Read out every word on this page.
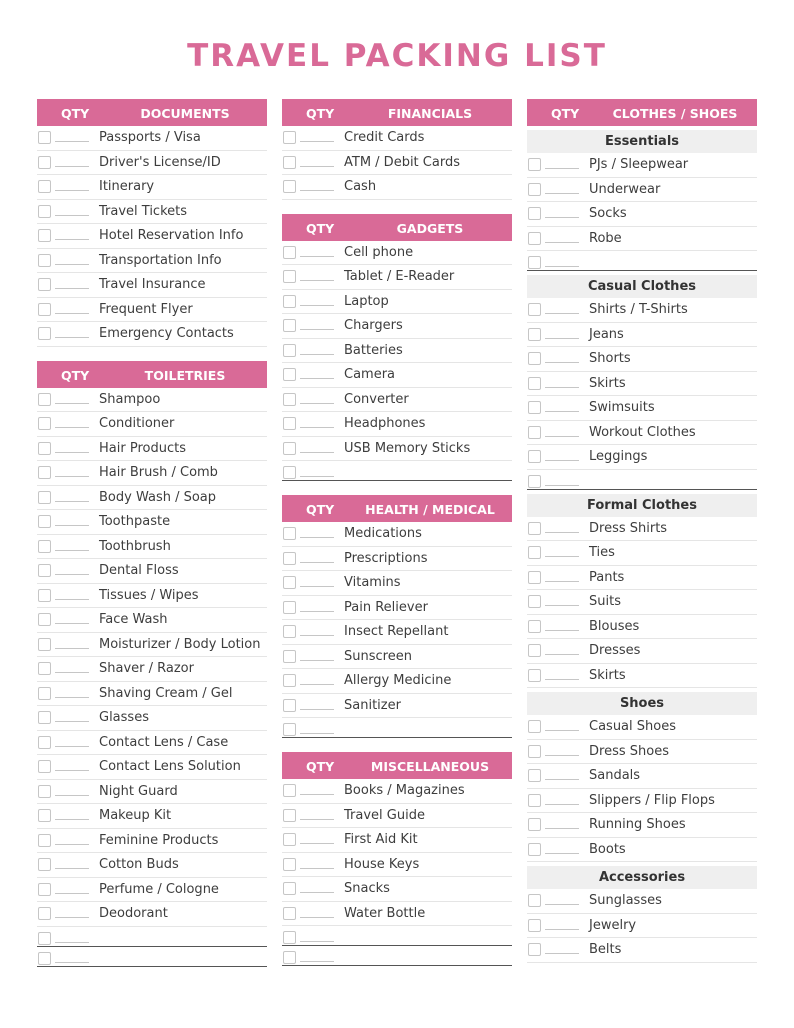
TRAVEL PACKING LIST
QTY	DOCUMENTS
Passports / Visa
Driver's License/ID
Itinerary
Travel Tickets
Hotel Reservation Info
Transportation Info
Travel Insurance
Frequent Flyer
Emergency Contacts
QTY	TOILETRIES
Shampoo
Conditioner
Hair Products
Hair Brush / Comb
Body Wash / Soap
Toothpaste
Toothbrush
Dental Floss
Tissues / Wipes
Face Wash
Moisturizer / Body Lotion
Shaver / Razor
Shaving Cream / Gel
Glasses
Contact Lens / Case
Contact Lens Solution
Night Guard
Makeup Kit
Feminine Products
Cotton Buds
Perfume / Cologne
Deodorant
QTY	FINANCIALS
Credit Cards
ATM / Debit Cards
Cash
QTY	GADGETS
Cell phone
Tablet / E-Reader
Laptop
Chargers
Batteries
Camera
Converter
Headphones
USB Memory Sticks
QTY	HEALTH / MEDICAL
Medications
Prescriptions
Vitamins
Pain Reliever
Insect Repellant
Sunscreen
Allergy Medicine
Sanitizer
QTY	MISCELLANEOUS
Books / Magazines
Travel Guide
First Aid Kit
House Keys
Snacks
Water Bottle
QTY	CLOTHES / SHOES
Essentials
PJs / Sleepwear
Underwear
Socks
Robe
Casual Clothes
Shirts / T-Shirts
Jeans
Shorts
Skirts
Swimsuits
Workout Clothes
Leggings
Formal Clothes
Dress Shirts
Ties
Pants
Suits
Blouses
Dresses
Skirts
Shoes
Casual Shoes
Dress Shoes
Sandals
Slippers / Flip Flops
Running Shoes
Boots
Accessories
Sunglasses
Jewelry
Belts
